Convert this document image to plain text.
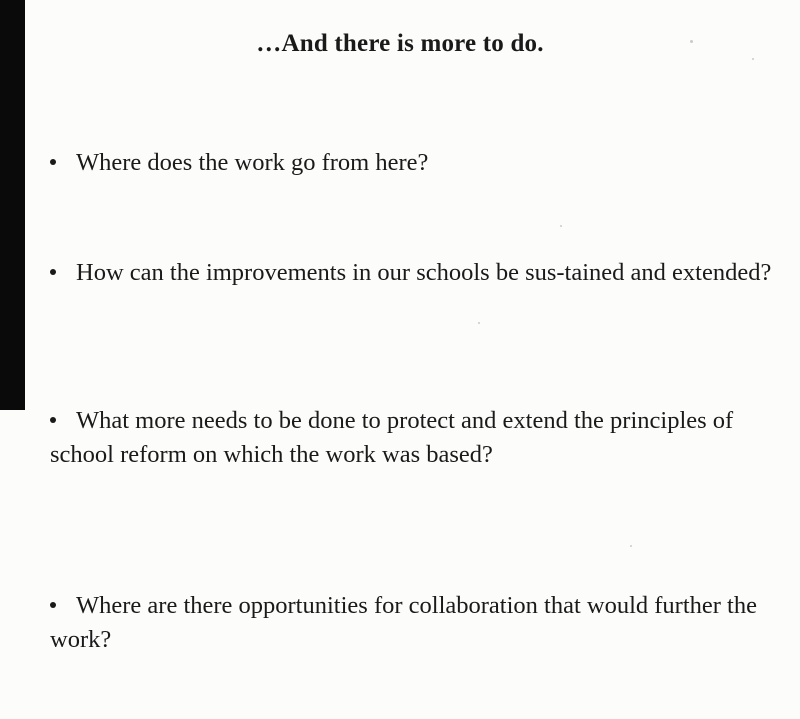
…And there is more to do.
Where does the work go from here?
How can the improvements in our schools be sus-tained and extended?
What more needs to be done to protect and extend the principles of school reform on which the work was based?
Where are there opportunities for collaboration that would further the work?
